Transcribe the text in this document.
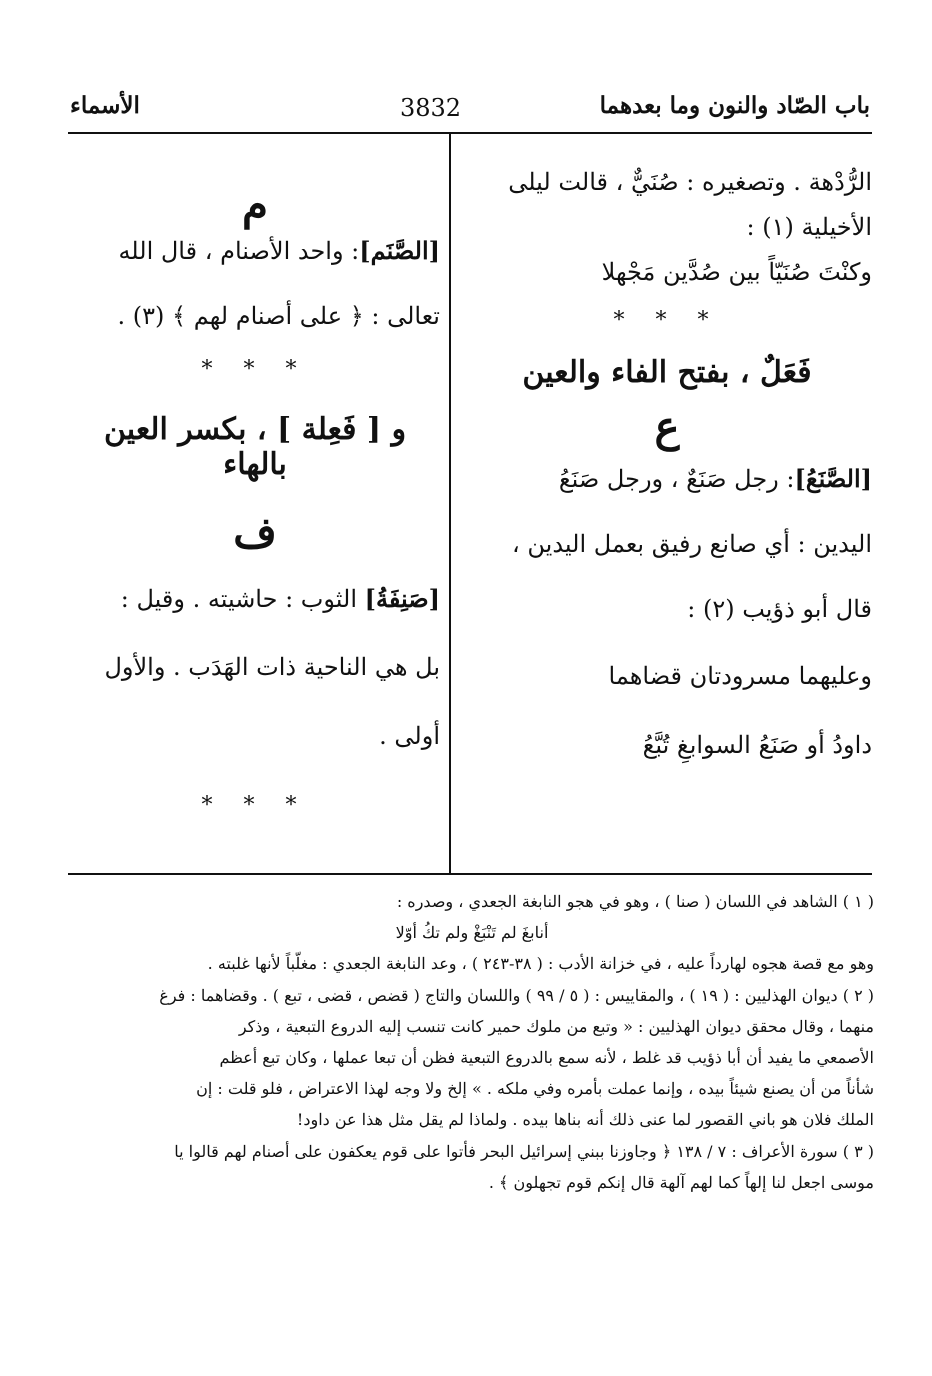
باب الصّاد والنون وما بعدهما
3832
الأسماء
الرُّدْهة . وتصغيره : صُنَيٌّ ، قالت ليلى
الأخيلية (١) :
وكنْتَ صُنَيّاً بين صُدَّين مَجْهلا
* * *
فَعَلٌ ، بفتح الفاء والعين
ع
[الصَّنَعُ]: رجل صَنَعٌ ، ورجل صَنَعُ
اليدين : أي صانع رفيق بعمل اليدين ،
قال أبو ذؤيب (٢) :
وعليهما مسرودتان قضاهما
داودُ أو صَنَعُ السوابغِ تُبَّعُ
م
[الصَّنَم]: واحد الأصنام ، قال الله
تعالى : ﴿ على أصنام لهم ﴾ (٣) .
* * *
و [ فَعِلة ] ، بكسر العين بالهاء
ف
[صَنِفَةُ] الثوب : حاشيته . وقيل :
بل هي الناحية ذات الهَدَب . والأول
أولى .
* * *
( ١ ) الشاهد في اللسان ( صنا ) ، وهو في هجو النابغة الجعدي ، وصدره :
أنابغَ لم تَنْبَغْ ولم تكُ أوّلا
وهو مع قصة هجوه لهارداً عليه ، في خزانة الأدب : ( ٣٨-٢٤٣ ) ، وعد النابغة الجعدي : مغلّباً لأنها غلبته .
( ٢ ) ديوان الهذليين : ( ١٩ ) ، والمقاييس : ( ٥ / ٩٩ ) واللسان والتاج ( قضص ، قضى ، تبع ) . وقضاهما : فرغ
منهما ، وقال محقق ديوان الهذليين : « وتبع من ملوك حمير كانت تنسب إليه الدروع التبعية ، وذكر
الأصمعي ما يفيد أن أبا ذؤيب قد غلط ، لأنه سمع بالدروع التبعية فظن أن تبعا عملها ، وكان تبع أعظم
شأناً من أن يصنع شيئاً بيده ، وإنما عملت بأمره وفي ملكه . » إلخ ولا وجه لهذا الاعتراض ، فلو قلت : إن
الملك فلان هو باني القصور لما عنى ذلك أنه بناها بيده . ولماذا لم يقل مثل هذا عن داود!
( ٣ ) سورة الأعراف : ٧ / ١٣٨ ﴿ وجاوزنا ببني إسرائيل البحر فأتوا على قوم يعكفون على أصنام لهم قالوا يا
موسى اجعل لنا إلهاً كما لهم آلهة قال إنكم قوم تجهلون ﴾ .
